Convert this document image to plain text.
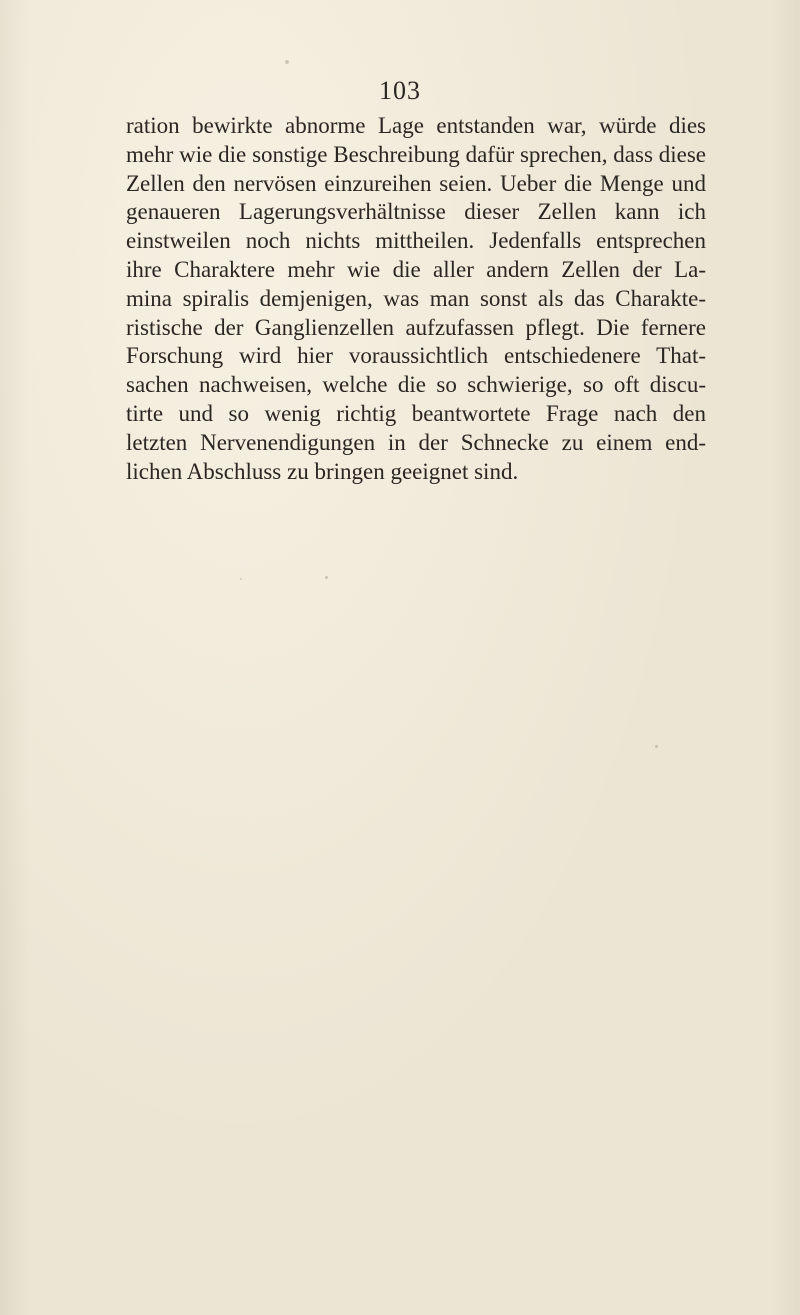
103
ration bewirkte abnorme Lage entstanden war, würde dies
mehr wie die sonstige Beschreibung dafür sprechen, dass diese
Zellen den nervösen einzureihen seien. Ueber die Menge und
genaueren Lagerungsverhältnisse dieser Zellen kann ich
einstweilen noch nichts mittheilen. Jedenfalls entsprechen
ihre Charaktere mehr wie die aller andern Zellen der La-
mina spiralis demjenigen, was man sonst als das Charakte-
ristische der Ganglienzellen aufzufassen pflegt. Die fernere
Forschung wird hier voraussichtlich entschiedenere That-
sachen nachweisen, welche die so schwierige, so oft discu-
tirte und so wenig richtig beantwortete Frage nach den
letzten Nervenendigungen in der Schnecke zu einem end-
lichen Abschluss zu bringen geeignet sind.
